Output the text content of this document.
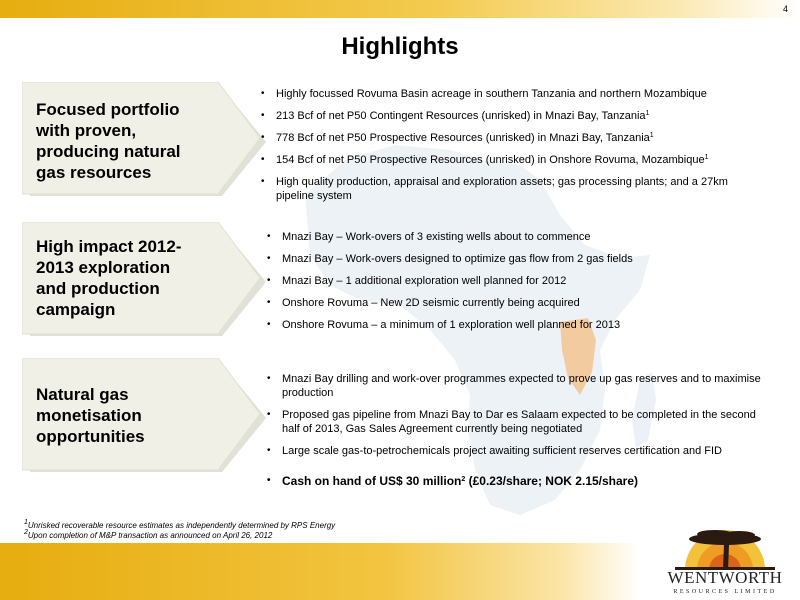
4
Highlights
Focused portfolio
with proven,
producing natural
gas resources
• Highly focussed Rovuma Basin acreage in southern Tanzania and northern Mozambique
• 213 Bcf of net P50 Contingent Resources (unrisked) in Mnazi Bay, Tanzania$^1$
• 778 Bcf of net P50 Prospective Resources (unrisked) in Mnazi Bay, Tanzania$^1$
• 154 Bcf of net P50 Prospective Resources (unrisked) in Onshore Rovuma, Mozambique$^1$
• High quality production, appraisal and exploration assets; gas processing plants; and a 27km pipeline system
High impact 2012-
2013 exploration
and production
campaign
• Mnazi Bay – Work-overs of 3 existing wells about to commence
• Mnazi Bay – Work-overs designed to optimize gas flow from 2 gas fields
• Mnazi Bay – 1 additional exploration well planned for 2012
• Onshore Rovuma – New 2D seismic currently being acquired
• Onshore Rovuma – a minimum of 1 exploration well planned for 2013
Natural gas
monetisation
opportunities
• Mnazi Bay drilling and work-over programmes expected to prove up gas reserves and to maximise production
• Proposed gas pipeline from Mnazi Bay to Dar es Salaam expected to be completed in the second half of 2013, Gas Sales Agreement currently being negotiated
• Large scale gas-to-petrochemicals project awaiting sufficient reserves certification and FID
• Cash on hand of US$ 30 million$^2$ (£0.23/share; NOK 2.15/share)
$^1$Unrisked recoverable resource estimates as independently determined by RPS Energy
$^2$Upon completion of M&P transaction as announced on April 26, 2012
WENTWORTH
RESOURCES LIMITED
